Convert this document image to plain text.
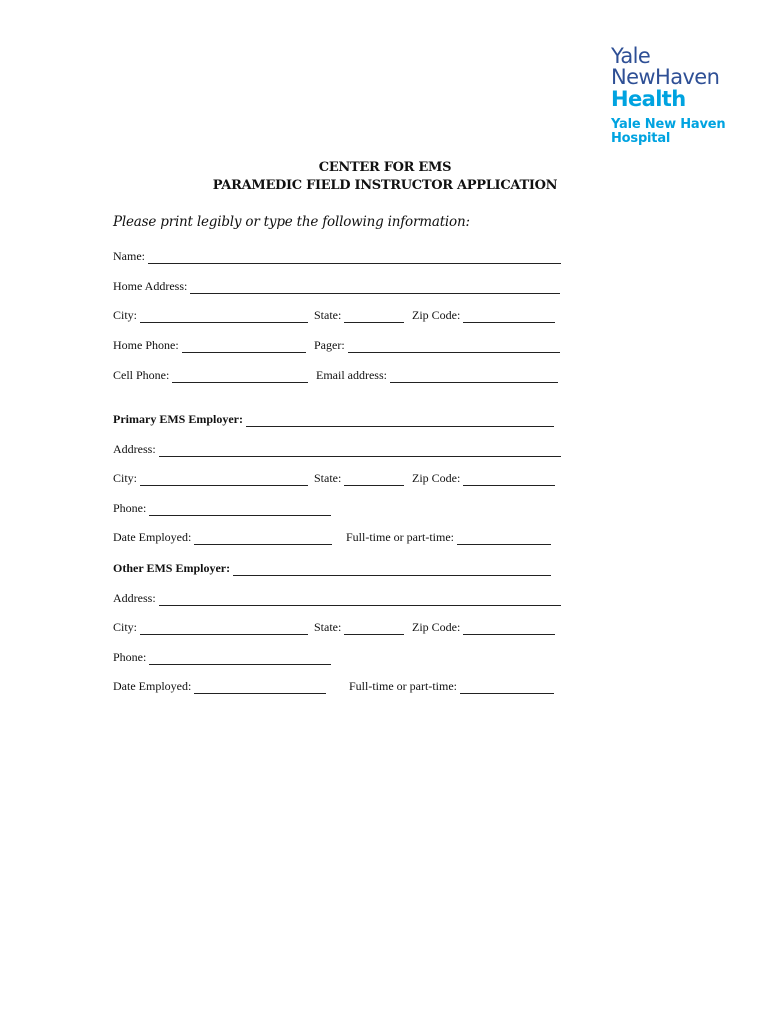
Yale
NewHaven
Health
Yale New Haven
Hospital
CENTER FOR EMS
PARAMEDIC FIELD INSTRUCTOR APPLICATION
Please print legibly or type the following information:
Name:
Home Address:
City:	State:	Zip Code:
Home Phone:	Pager:
Cell Phone:	Email address:
Primary EMS Employer:
Address:
City:	State:	Zip Code:
Phone:
Date Employed:	Full-time or part-time:
Other EMS Employer:
Address:
City:	State:	Zip Code:
Phone:
Date Employed:	Full-time or part-time:
